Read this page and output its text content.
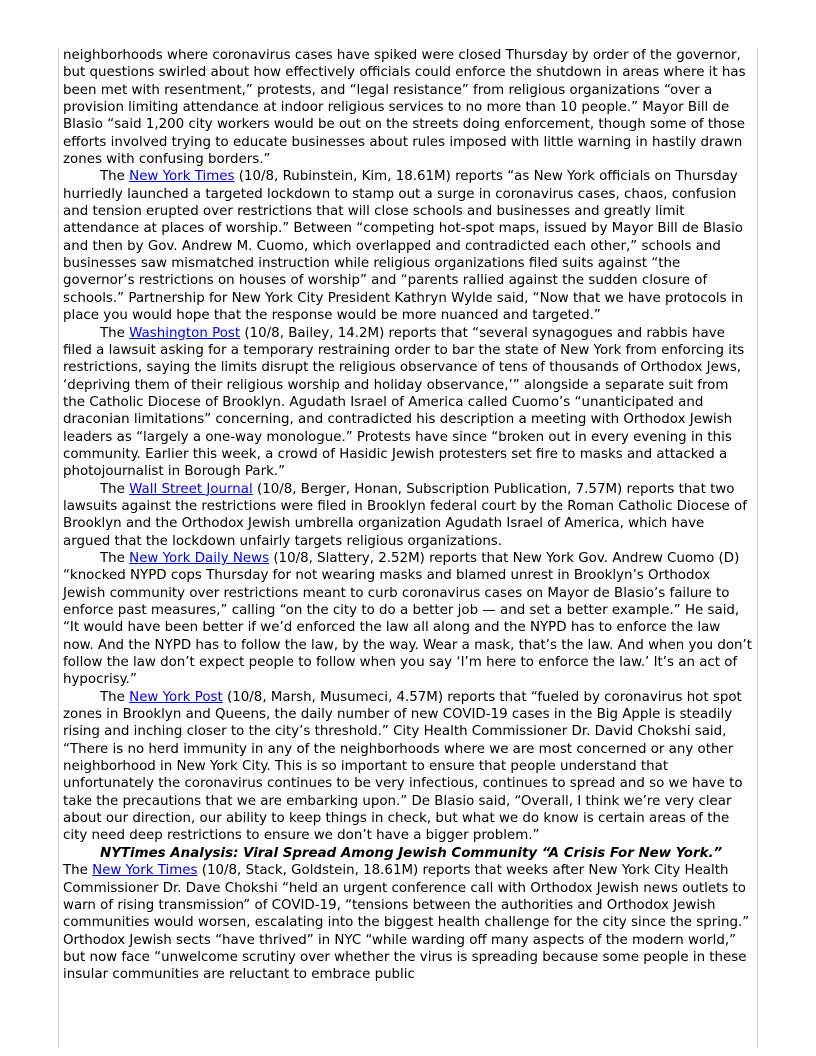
neighborhoods where coronavirus cases have spiked were closed Thursday by order of the governor, but questions swirled about how effectively officials could enforce the shutdown in areas where it has been met with resentment,” protests, and “legal resistance” from religious organizations “over a provision limiting attendance at indoor religious services to no more than 10 people.” Mayor Bill de Blasio “said 1,200 city workers would be out on the streets doing enforcement, though some of those efforts involved trying to educate businesses about rules imposed with little warning in hastily drawn zones with confusing borders.”

The New York Times (10/8, Rubinstein, Kim, 18.61M) reports “as New York officials on Thursday hurriedly launched a targeted lockdown to stamp out a surge in coronavirus cases, chaos, confusion and tension erupted over restrictions that will close schools and businesses and greatly limit attendance at places of worship.” Between “competing hot-spot maps, issued by Mayor Bill de Blasio and then by Gov. Andrew M. Cuomo, which overlapped and contradicted each other,” schools and businesses saw mismatched instruction while religious organizations filed suits against “the governor’s restrictions on houses of worship” and “parents rallied against the sudden closure of schools.” Partnership for New York City President Kathryn Wylde said, “Now that we have protocols in place you would hope that the response would be more nuanced and targeted.”

The Washington Post (10/8, Bailey, 14.2M) reports that “several synagogues and rabbis have filed a lawsuit asking for a temporary restraining order to bar the state of New York from enforcing its restrictions, saying the limits disrupt the religious observance of tens of thousands of Orthodox Jews, ‘depriving them of their religious worship and holiday observance,’” alongside a separate suit from the Catholic Diocese of Brooklyn. Agudath Israel of America called Cuomo’s “unanticipated and draconian limitations” concerning, and contradicted his description a meeting with Orthodox Jewish leaders as “largely a one-way monologue.” Protests have since “broken out in every evening in this community. Earlier this week, a crowd of Hasidic Jewish protesters set fire to masks and attacked a photojournalist in Borough Park.”

The Wall Street Journal (10/8, Berger, Honan, Subscription Publication, 7.57M) reports that two lawsuits against the restrictions were filed in Brooklyn federal court by the Roman Catholic Diocese of Brooklyn and the Orthodox Jewish umbrella organization Agudath Israel of America, which have argued that the lockdown unfairly targets religious organizations.

The New York Daily News (10/8, Slattery, 2.52M) reports that New York Gov. Andrew Cuomo (D) “knocked NYPD cops Thursday for not wearing masks and blamed unrest in Brooklyn’s Orthodox Jewish community over restrictions meant to curb coronavirus cases on Mayor de Blasio’s failure to enforce past measures,” calling “on the city to do a better job — and set a better example.” He said, “It would have been better if we’d enforced the law all along and the NYPD has to enforce the law now. And the NYPD has to follow the law, by the way. Wear a mask, that’s the law. And when you don’t follow the law don’t expect people to follow when you say ‘I’m here to enforce the law.’ It’s an act of hypocrisy.”

The New York Post (10/8, Marsh, Musumeci, 4.57M) reports that “fueled by coronavirus hot spot zones in Brooklyn and Queens, the daily number of new COVID-19 cases in the Big Apple is steadily rising and inching closer to the city’s threshold.” City Health Commissioner Dr. David Chokshi said, “There is no herd immunity in any of the neighborhoods where we are most concerned or any other neighborhood in New York City. This is so important to ensure that people understand that unfortunately the coronavirus continues to be very infectious, continues to spread and so we have to take the precautions that we are embarking upon.” De Blasio said, “Overall, I think we’re very clear about our direction, our ability to keep things in check, but what we do know is certain areas of the city need deep restrictions to ensure we don’t have a bigger problem.”

NYTimes Analysis: Viral Spread Among Jewish Community “A Crisis For New York.”

The New York Times (10/8, Stack, Goldstein, 18.61M) reports that weeks after New York City Health Commissioner Dr. Dave Chokshi “held an urgent conference call with Orthodox Jewish news outlets to warn of rising transmission” of COVID-19, “tensions between the authorities and Orthodox Jewish communities would worsen, escalating into the biggest health challenge for the city since the spring.” Orthodox Jewish sects “have thrived” in NYC “while warding off many aspects of the modern world,” but now face “unwelcome scrutiny over whether the virus is spreading because some people in these insular communities are reluctant to embrace public
